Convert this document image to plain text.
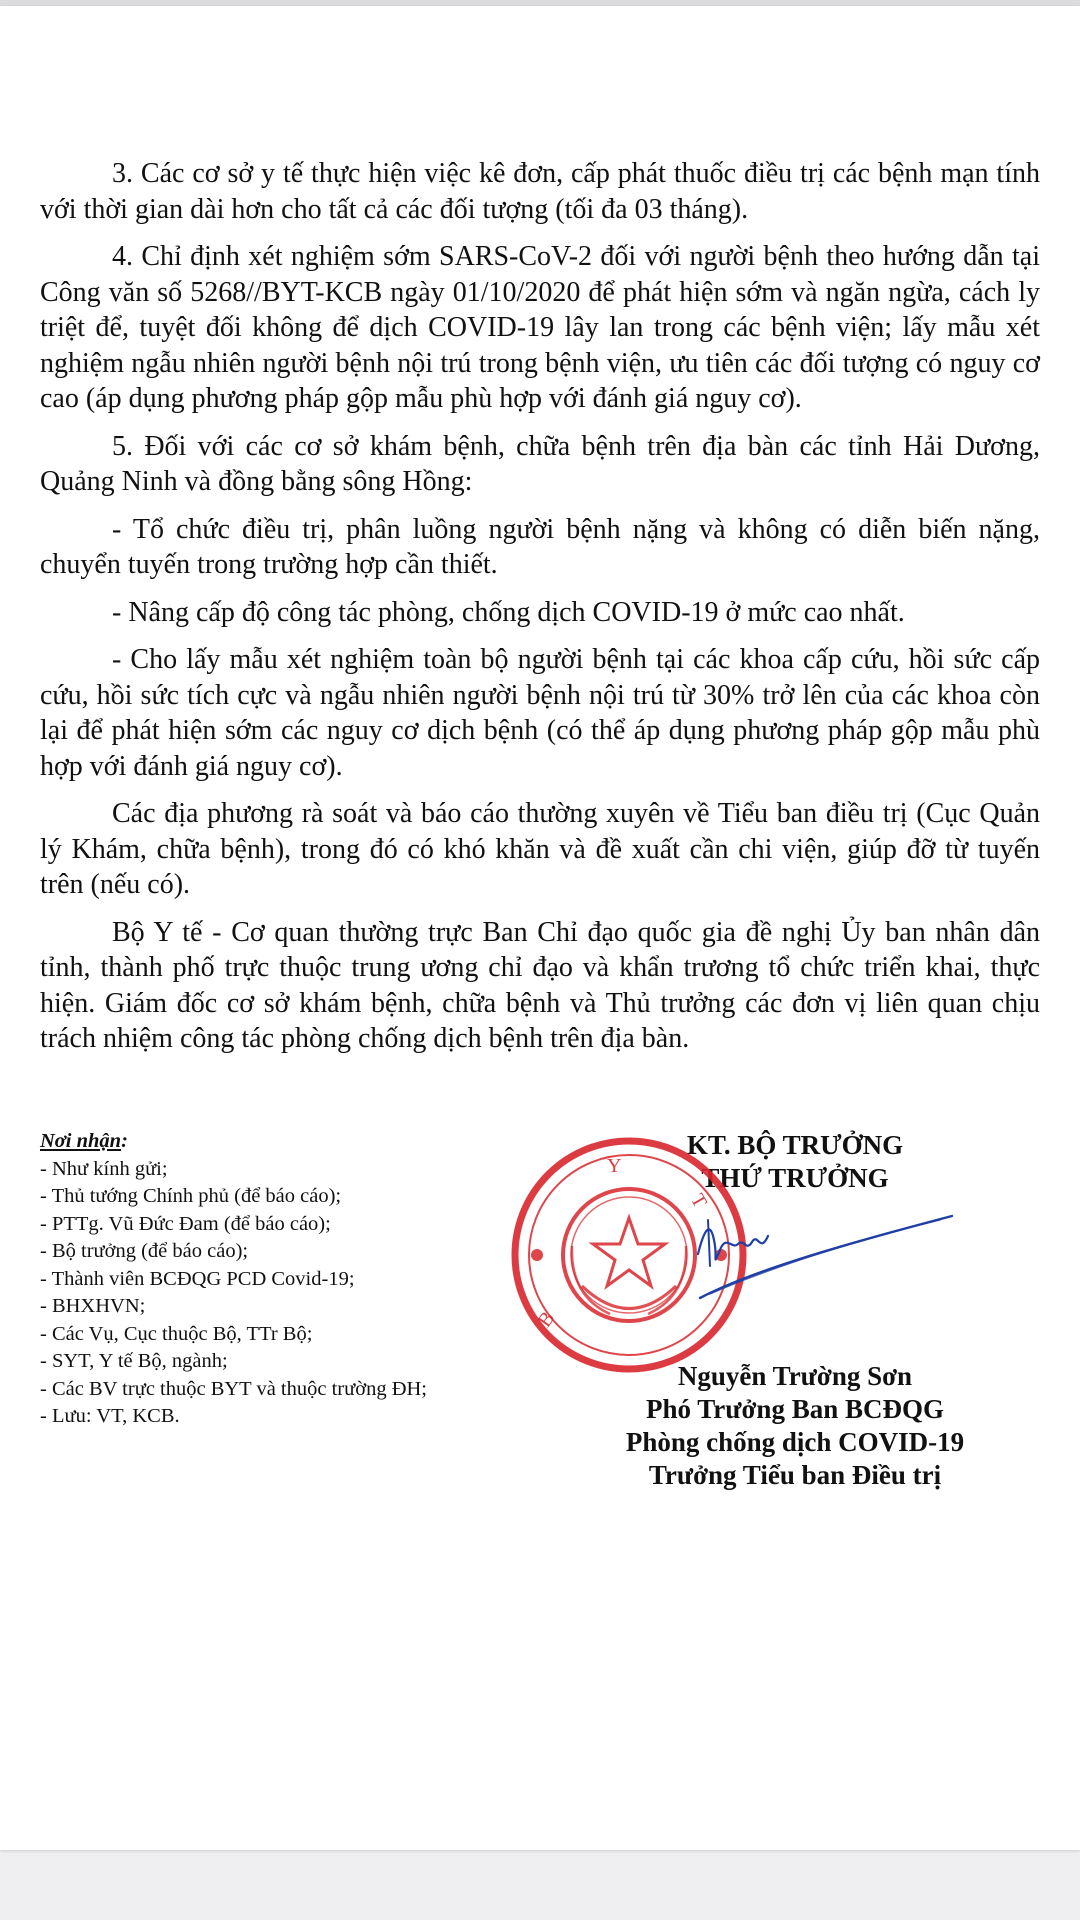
3. Các cơ sở y tế thực hiện việc kê đơn, cấp phát thuốc điều trị các bệnh mạn tính với thời gian dài hơn cho tất cả các đối tượng (tối đa 03 tháng).

4. Chỉ định xét nghiệm sớm SARS-CoV-2 đối với người bệnh theo hướng dẫn tại Công văn số 5268//BYT-KCB ngày 01/10/2020 để phát hiện sớm và ngăn ngừa, cách ly triệt để, tuyệt đối không để dịch COVID-19 lây lan trong các bệnh viện; lấy mẫu xét nghiệm ngẫu nhiên người bệnh nội trú trong bệnh viện, ưu tiên các đối tượng có nguy cơ cao (áp dụng phương pháp gộp mẫu phù hợp với đánh giá nguy cơ).

5. Đối với các cơ sở khám bệnh, chữa bệnh trên địa bàn các tỉnh Hải Dương, Quảng Ninh và đồng bằng sông Hồng:

- Tổ chức điều trị, phân luồng người bệnh nặng và không có diễn biến nặng, chuyển tuyến trong trường hợp cần thiết.

- Nâng cấp độ công tác phòng, chống dịch COVID-19 ở mức cao nhất.

- Cho lấy mẫu xét nghiệm toàn bộ người bệnh tại các khoa cấp cứu, hồi sức cấp cứu, hồi sức tích cực và ngẫu nhiên người bệnh nội trú từ 30% trở lên của các khoa còn lại để phát hiện sớm các nguy cơ dịch bệnh (có thể áp dụng phương pháp gộp mẫu phù hợp với đánh giá nguy cơ).

Các địa phương rà soát và báo cáo thường xuyên về Tiểu ban điều trị (Cục Quản lý Khám, chữa bệnh), trong đó có khó khăn và đề xuất cần chi viện, giúp đỡ từ tuyến trên (nếu có).

Bộ Y tế - Cơ quan thường trực Ban Chỉ đạo quốc gia đề nghị Ủy ban nhân dân tỉnh, thành phố trực thuộc trung ương chỉ đạo và khẩn trương tổ chức triển khai, thực hiện. Giám đốc cơ sở khám bệnh, chữa bệnh và Thủ trưởng các đơn vị liên quan chịu trách nhiệm công tác phòng chống dịch bệnh trên địa bàn.

Nơi nhận:
- Như kính gửi;
- Thủ tướng Chính phủ (để báo cáo);
- PTTg. Vũ Đức Đam (để báo cáo);
- Bộ trưởng (để báo cáo);
- Thành viên BCĐQG PCD Covid-19;
- BHXHVN;
- Các Vụ, Cục thuộc Bộ, TTr Bộ;
- SYT, Y tế Bộ, ngành;
- Các BV trực thuộc BYT và thuộc trường ĐH;
- Lưu: VT, KCB.
KT. BỘ TRƯỞNG
THỨ TRƯỞNG
Y
T
B
Nguyễn Trường Sơn
Phó Trưởng Ban BCĐQG
Phòng chống dịch COVID-19
Trưởng Tiểu ban Điều trị
